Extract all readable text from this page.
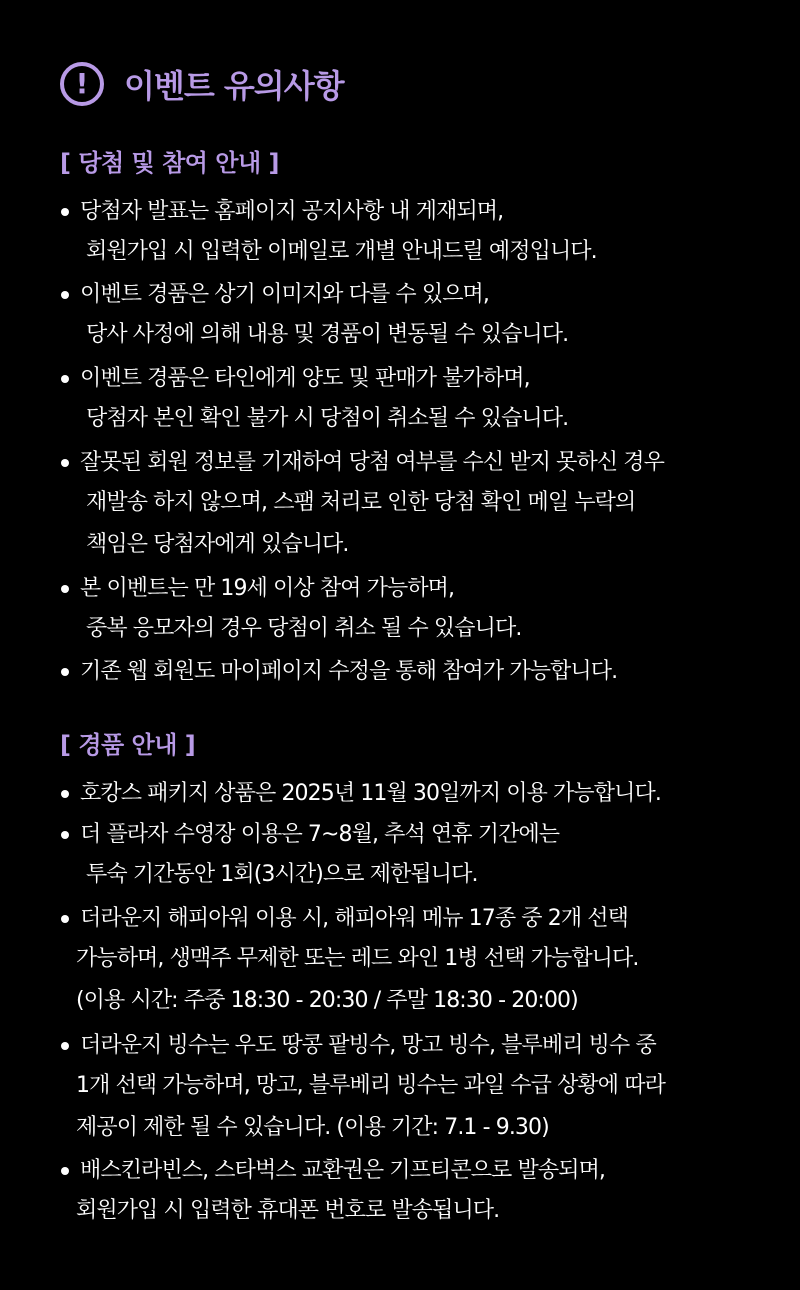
!	이벤트 유의사항
[ 당첨 및 참여 안내 ]
당첨자 발표는 홈페이지 공지사항 내 게재되며,
회원가입 시 입력한 이메일로 개별 안내드릴 예정입니다.
이벤트 경품은 상기 이미지와 다를 수 있으며,
당사 사정에 의해 내용 및 경품이 변동될 수 있습니다.
이벤트 경품은 타인에게 양도 및 판매가 불가하며,
당첨자 본인 확인 불가 시 당첨이 취소될 수 있습니다.
잘못된 회원 정보를 기재하여 당첨 여부를 수신 받지 못하신 경우
재발송 하지 않으며, 스팸 처리로 인한 당첨 확인 메일 누락의
책임은 당첨자에게 있습니다.
본 이벤트는 만 19세 이상 참여 가능하며,
중복 응모자의 경우 당첨이 취소 될 수 있습니다.
기존 웹 회원도 마이페이지 수정을 통해 참여가 가능합니다.
[ 경품 안내 ]
호캉스 패키지 상품은 2025년 11월 30일까지 이용 가능합니다.
더 플라자 수영장 이용은 7~8월, 추석 연휴 기간에는
투숙 기간동안 1회(3시간)으로 제한됩니다.
더라운지 해피아워 이용 시, 해피아워 메뉴 17종 중 2개 선택
가능하며, 생맥주 무제한 또는 레드 와인 1병 선택 가능합니다.
(이용 시간: 주중 18:30 - 20:30 / 주말 18:30 - 20:00)
더라운지 빙수는 우도 땅콩 팥빙수, 망고 빙수, 블루베리 빙수 중
1개 선택 가능하며, 망고, 블루베리 빙수는 과일 수급 상황에 따라
제공이 제한 될 수 있습니다. (이용 기간: 7.1 - 9.30)
배스킨라빈스, 스타벅스 교환권은 기프티콘으로 발송되며,
회원가입 시 입력한 휴대폰 번호로 발송됩니다.
